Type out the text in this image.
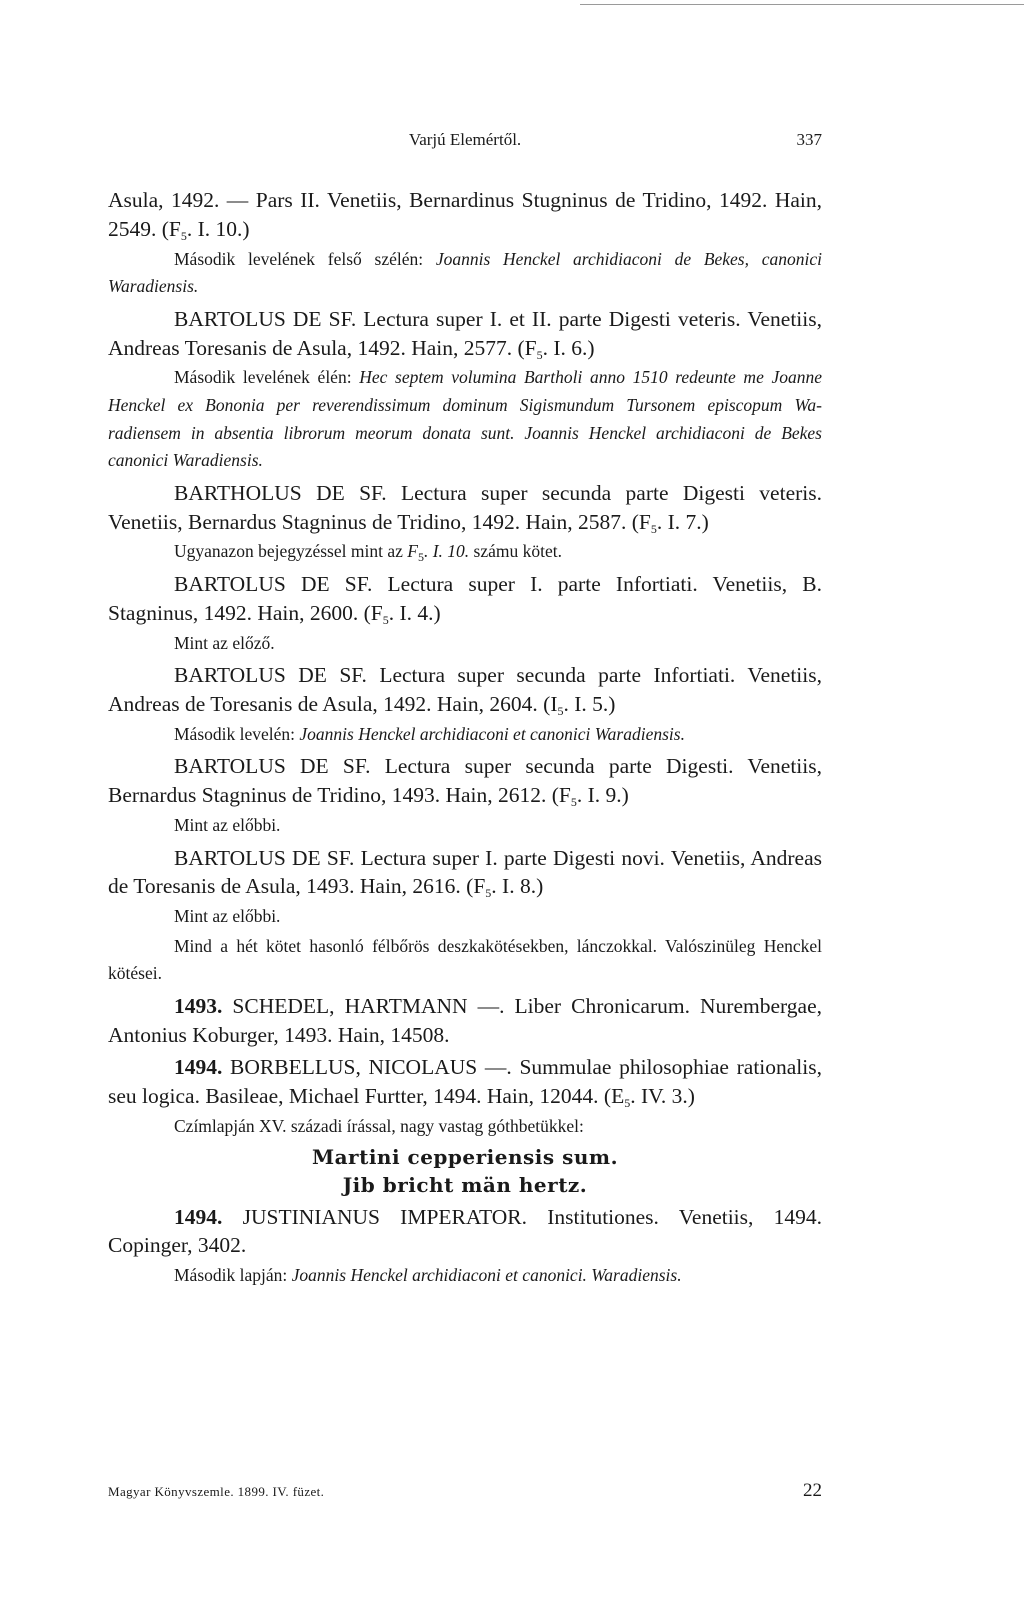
Varjú Elemértől.	337

Asula, 1492. — Pars II. Venetiis, Bernardinus Stugninus de Tridino, 1492. Hain, 2549. ($F_5$. I. 10.)

Második levelének felső szélén: Joannis Henckel archidiaconi de Bekes, canonici Waradiensis.

BARTOLUS DE SF. Lectura super I. et II. parte Digesti veteris. Venetiis, Andreas Toresanis de Asula, 1492. Hain, 2577. ($F_5$. I. 6.)

Második levelének élén: Hec septem volumina Bartholi anno 1510 redeunte me Joanne Henckel ex Bononia per reverendissimum dominum Sigismundum Tursonem episcopum Wa- radiensem in absentia librorum meorum donata sunt. Joannis Henckel archidiaconi de Bekes canonici Waradiensis.

BARTHOLUS DE SF. Lectura super secunda parte Digesti veteris. Venetiis, Bernardus Stagninus de Tridino, 1492. Hain, 2587. ($F_5$. I. 7.)

Ugyanazon bejegyzéssel mint az $F_5$. I. 10. számu kötet.

BARTOLUS DE SF. Lectura super I. parte Infortiati. Venetiis, B. Stagninus, 1492. Hain, 2600. ($F_5$. I. 4.)

Mint az előző.

BARTOLUS DE SF. Lectura super secunda parte Infortiati. Venetiis, Andreas de Toresanis de Asula, 1492. Hain, 2604. ($I_5$. I. 5.)

Második levelén: Joannis Henckel archidiaconi et canonici Waradiensis.

BARTOLUS DE SF. Lectura super secunda parte Digesti. Venetiis, Bernardus Stagninus de Tridino, 1493. Hain, 2612. ($F_5$. I. 9.)

Mint az előbbi.

BARTOLUS DE SF. Lectura super I. parte Digesti novi. Venetiis, Andreas de Toresanis de Asula, 1493. Hain, 2616. ($F_5$. I. 8.)

Mint az előbbi.

Mind a hét kötet hasonló félbőrös deszkakötésekben, lánczokkal. Valószinüleg Henckel kötései.

1493. SCHEDEL, HARTMANN —. Liber Chronicarum. Nurembergae, Antonius Koburger, 1493. Hain, 14508.

1494. BORBELLUS, NICOLAUS —. Summulae philosophiae rationalis, seu logica. Basileae, Michael Furtter, 1494. Hain, 12044. ($E_5$. IV. 3.)

Czímlapján XV. századi írással, nagy vastag góthbetükkel:

Martini cepperiensis sum.
Jib bricht män hertz.

1494. JUSTINIANUS IMPERATOR. Institutiones. Venetiis, 1494. Copinger, 3402.

Második lapján: Joannis Henckel archidiaconi et canonici. Waradiensis.

Magyar Könyvszemle. 1899. IV. füzet.	22
